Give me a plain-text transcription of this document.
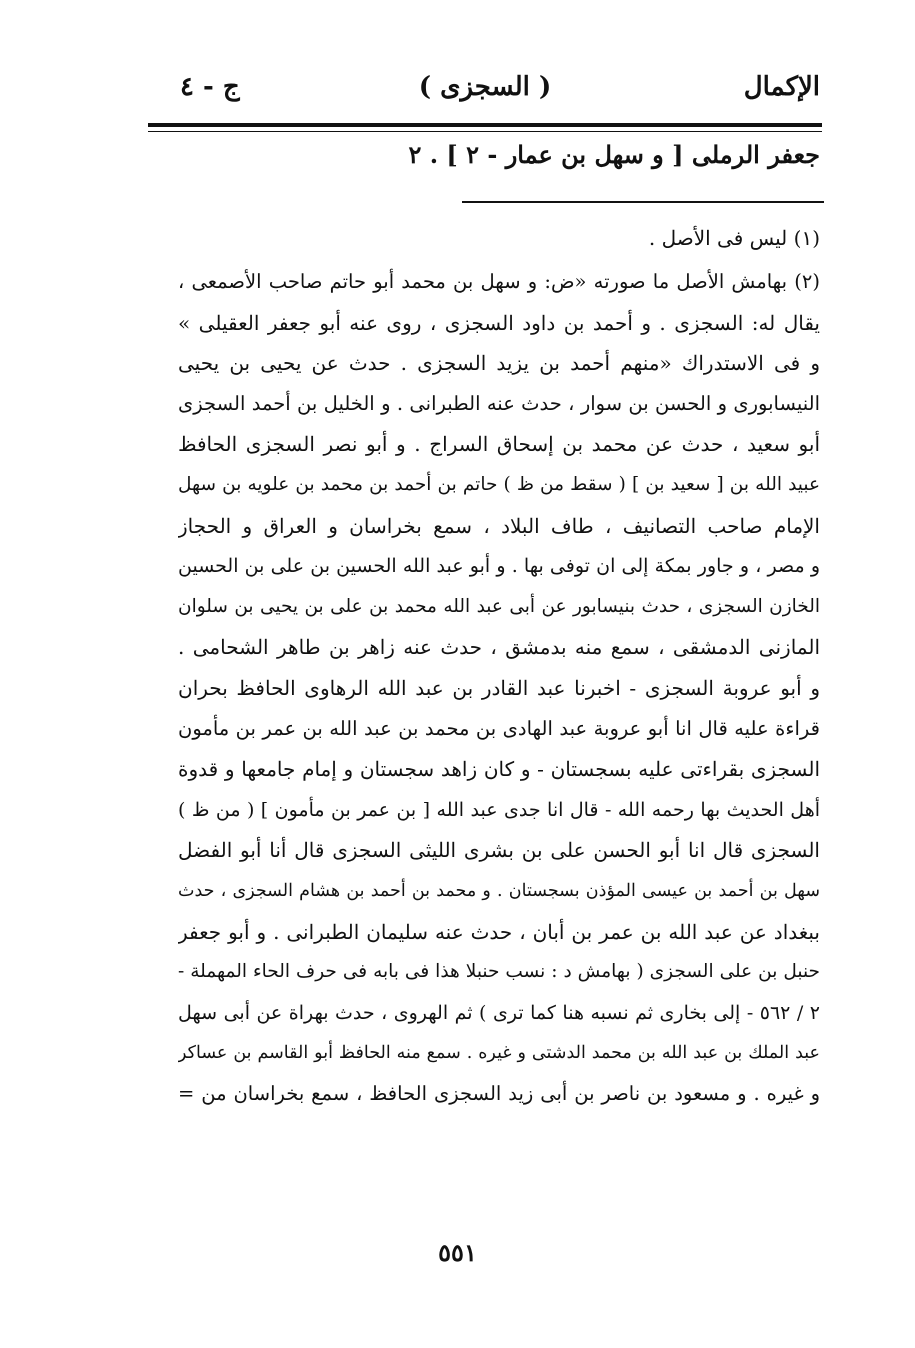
الإكمال
( السجزى )
ج - ٤
جعفر الرملى [ و سهل بن عمار - ٢ ] . ٢
(١) ليس فى الأصل .
(٢) بهامش الأصل ما صورته «ض: و سهل بن محمد أبو حاتم صاحب الأصمعى ،
يقال له: السجزى . و أحمد بن داود السجزى ، روى عنه أبو جعفر العقيلى »
و فى الاستدراك «منهم أحمد بن يزيد السجزى . حدث عن يحيى بن يحيى
النيسابورى و الحسن بن سوار ، حدث عنه الطبرانى . و الخليل بن أحمد السجزى
أبو سعيد ، حدث عن محمد بن إسحاق السراج . و أبو نصر السجزى الحافظ
عبيد الله بن [ سعيد بن ] ( سقط من ظ ) حاتم بن أحمد بن محمد بن علويه بن سهل
الإمام صاحب التصانيف ، طاف البلاد ، سمع بخراسان و العراق و الحجاز
و مصر ، و جاور بمكة إلى ان توفى بها . و أبو عبد الله الحسين بن على بن الحسين
الخازن السجزى ، حدث بنيسابور عن أبى عبد الله محمد بن على بن يحيى بن سلوان
المازنى الدمشقى ، سمع منه بدمشق ، حدث عنه زاهر بن طاهر الشحامى .
و أبو عروبة السجزى - اخبرنا عبد القادر بن عبد الله الرهاوى الحافظ بحران
قراءة عليه قال انا أبو عروبة عبد الهادى بن محمد بن عبد الله بن عمر بن مأمون
السجزى بقراءتى عليه بسجستان - و كان زاهد سجستان و إمام جامعها و قدوة
أهل الحديث بها رحمه الله - قال انا جدى عبد الله [ بن عمر بن مأمون ] ( من ظ )
السجزى قال انا أبو الحسن على بن بشرى الليثى السجزى قال أنا أبو الفضل
سهل بن أحمد بن عيسى المؤذن بسجستان . و محمد بن أحمد بن هشام السجزى ، حدث
ببغداد عن عبد الله بن عمر بن أبان ، حدث عنه سليمان الطبرانى . و أبو جعفر
حنبل بن على السجزى ( بهامش د : نسب حنبلا هذا فى بابه فى حرف الحاء المهملة -
٢ / ٥٦٢ - إلى بخارى ثم نسبه هنا كما ترى ) ثم الهروى ، حدث بهراة عن أبى سهل
عبد الملك بن عبد الله بن محمد الدشتى و غيره . سمع منه الحافظ أبو القاسم بن عساكر
و غيره . و مسعود بن ناصر بن أبى زيد السجزى الحافظ ، سمع بخراسان من =
٥٥١
